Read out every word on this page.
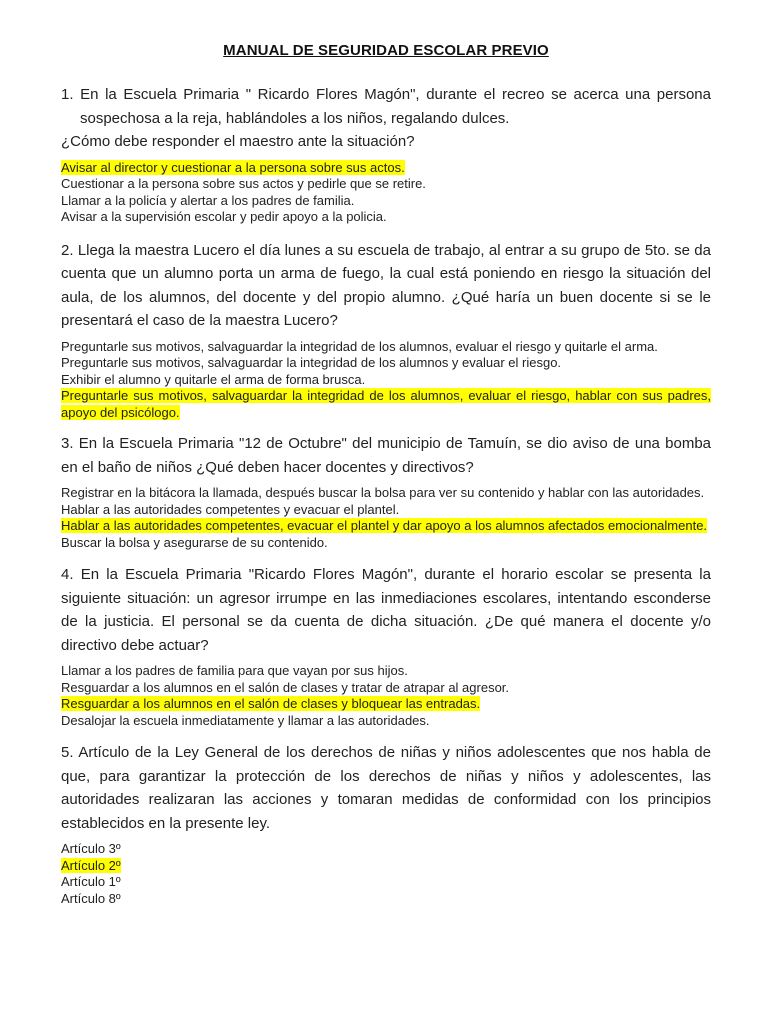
MANUAL DE SEGURIDAD ESCOLAR PREVIO

1. En la Escuela Primaria " Ricardo Flores Magón", durante el recreo se acerca una persona
sospechosa a la reja, hablándoles a los niños, regalando dulces.
¿Cómo debe responder el maestro ante la situación?

Avisar al director y cuestionar a la persona sobre sus actos.
Cuestionar a la persona sobre sus actos y pedirle que se retire.
Llamar a la policía y alertar a los padres de familia.
Avisar a la supervisión escolar y pedir apoyo a la policia.

2. Llega la maestra Lucero el día lunes a su escuela de trabajo, al entrar a su grupo de 5to. se da cuenta que un alumno porta un arma de fuego, la cual está poniendo en riesgo la situación del aula, de los alumnos, del docente y del propio alumno. ¿Qué haría un buen docente si se le presentará el caso de la maestra Lucero?

Preguntarle sus motivos, salvaguardar la integridad de los alumnos, evaluar el riesgo y quitarle el arma.
Preguntarle sus motivos, salvaguardar la integridad de los alumnos y evaluar el riesgo.
Exhibir el alumno y quitarle el arma de forma brusca.
Preguntarle sus motivos, salvaguardar la integridad de los alumnos, evaluar el riesgo, hablar con sus padres, apoyo del psicólogo.

3. En la Escuela Primaria "12 de Octubre" del municipio de Tamuín, se dio aviso de una bomba en el baño de niños ¿Qué deben hacer docentes y directivos?

Registrar en la bitácora la llamada, después buscar la bolsa para ver su contenido y hablar con las autoridades.
Hablar a las autoridades competentes y evacuar el plantel.
Hablar a las autoridades competentes, evacuar el plantel y dar apoyo a los alumnos afectados emocionalmente.
Buscar la bolsa y asegurarse de su contenido.

4. En la Escuela Primaria "Ricardo Flores Magón", durante el horario escolar se presenta la siguiente situación: un agresor irrumpe en las inmediaciones escolares, intentando esconderse de la justicia. El personal se da cuenta de dicha situación. ¿De qué manera el docente y/o directivo debe actuar?

Llamar a los padres de familia para que vayan por sus hijos.
Resguardar a los alumnos en el salón de clases y tratar de atrapar al agresor.
Resguardar a los alumnos en el salón de clases y bloquear las entradas.
Desalojar la escuela inmediatamente y llamar a las autoridades.

5. Artículo de la Ley General de los derechos de niñas y niños adolescentes que nos habla de que, para garantizar la protección de los derechos de niñas y niños y adolescentes, las autoridades realizaran las acciones y tomaran medidas de conformidad con los principios establecidos en la presente ley.

Artículo 3º
Artículo 2º
Artículo 1º
Artículo 8º
